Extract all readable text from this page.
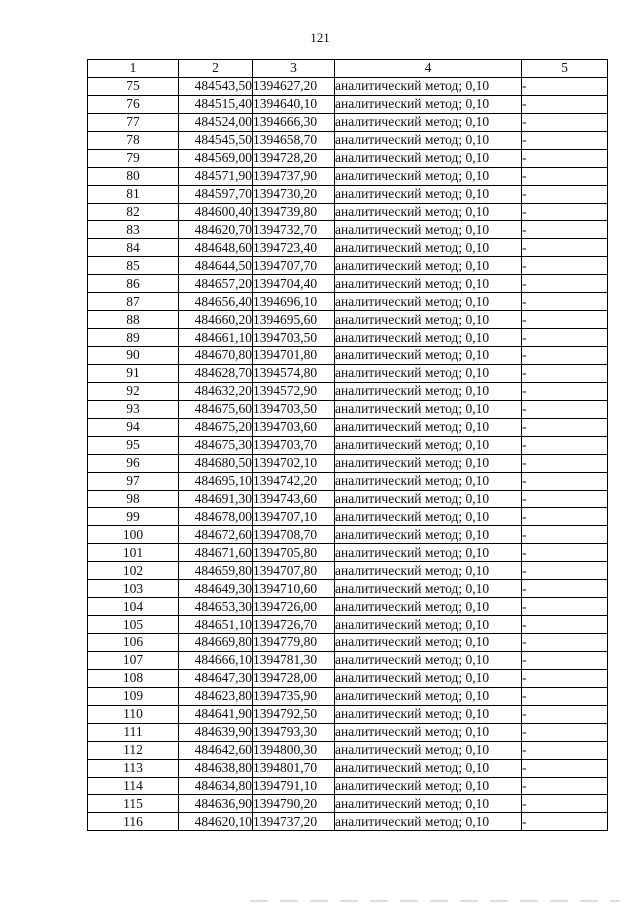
121
1	2	3	4	5
75	484543,50	1394627,20	аналитический метод; 0,10	-
76	484515,40	1394640,10	аналитический метод; 0,10	-
77	484524,00	1394666,30	аналитический метод; 0,10	-
78	484545,50	1394658,70	аналитический метод; 0,10	-
79	484569,00	1394728,20	аналитический метод; 0,10	-
80	484571,90	1394737,90	аналитический метод; 0,10	-
81	484597,70	1394730,20	аналитический метод; 0,10	-
82	484600,40	1394739,80	аналитический метод; 0,10	-
83	484620,70	1394732,70	аналитический метод; 0,10	-
84	484648,60	1394723,40	аналитический метод; 0,10	-
85	484644,50	1394707,70	аналитический метод; 0,10	-
86	484657,20	1394704,40	аналитический метод; 0,10	-
87	484656,40	1394696,10	аналитический метод; 0,10	-
88	484660,20	1394695,60	аналитический метод; 0,10	-
89	484661,10	1394703,50	аналитический метод; 0,10	-
90	484670,80	1394701,80	аналитический метод; 0,10	-
91	484628,70	1394574,80	аналитический метод; 0,10	-
92	484632,20	1394572,90	аналитический метод; 0,10	-
93	484675,60	1394703,50	аналитический метод; 0,10	-
94	484675,20	1394703,60	аналитический метод; 0,10	-
95	484675,30	1394703,70	аналитический метод; 0,10	-
96	484680,50	1394702,10	аналитический метод; 0,10	-
97	484695,10	1394742,20	аналитический метод; 0,10	-
98	484691,30	1394743,60	аналитический метод; 0,10	-
99	484678,00	1394707,10	аналитический метод; 0,10	-
100	484672,60	1394708,70	аналитический метод; 0,10	-
101	484671,60	1394705,80	аналитический метод; 0,10	-
102	484659,80	1394707,80	аналитический метод; 0,10	-
103	484649,30	1394710,60	аналитический метод; 0,10	-
104	484653,30	1394726,00	аналитический метод; 0,10	-
105	484651,10	1394726,70	аналитический метод; 0,10	-
106	484669,80	1394779,80	аналитический метод; 0,10	-
107	484666,10	1394781,30	аналитический метод; 0,10	-
108	484647,30	1394728,00	аналитический метод; 0,10	-
109	484623,80	1394735,90	аналитический метод; 0,10	-
110	484641,90	1394792,50	аналитический метод; 0,10	-
111	484639,90	1394793,30	аналитический метод; 0,10	-
112	484642,60	1394800,30	аналитический метод; 0,10	-
113	484638,80	1394801,70	аналитический метод; 0,10	-
114	484634,80	1394791,10	аналитический метод; 0,10	-
115	484636,90	1394790,20	аналитический метод; 0,10	-
116	484620,10	1394737,20	аналитический метод; 0,10	-
